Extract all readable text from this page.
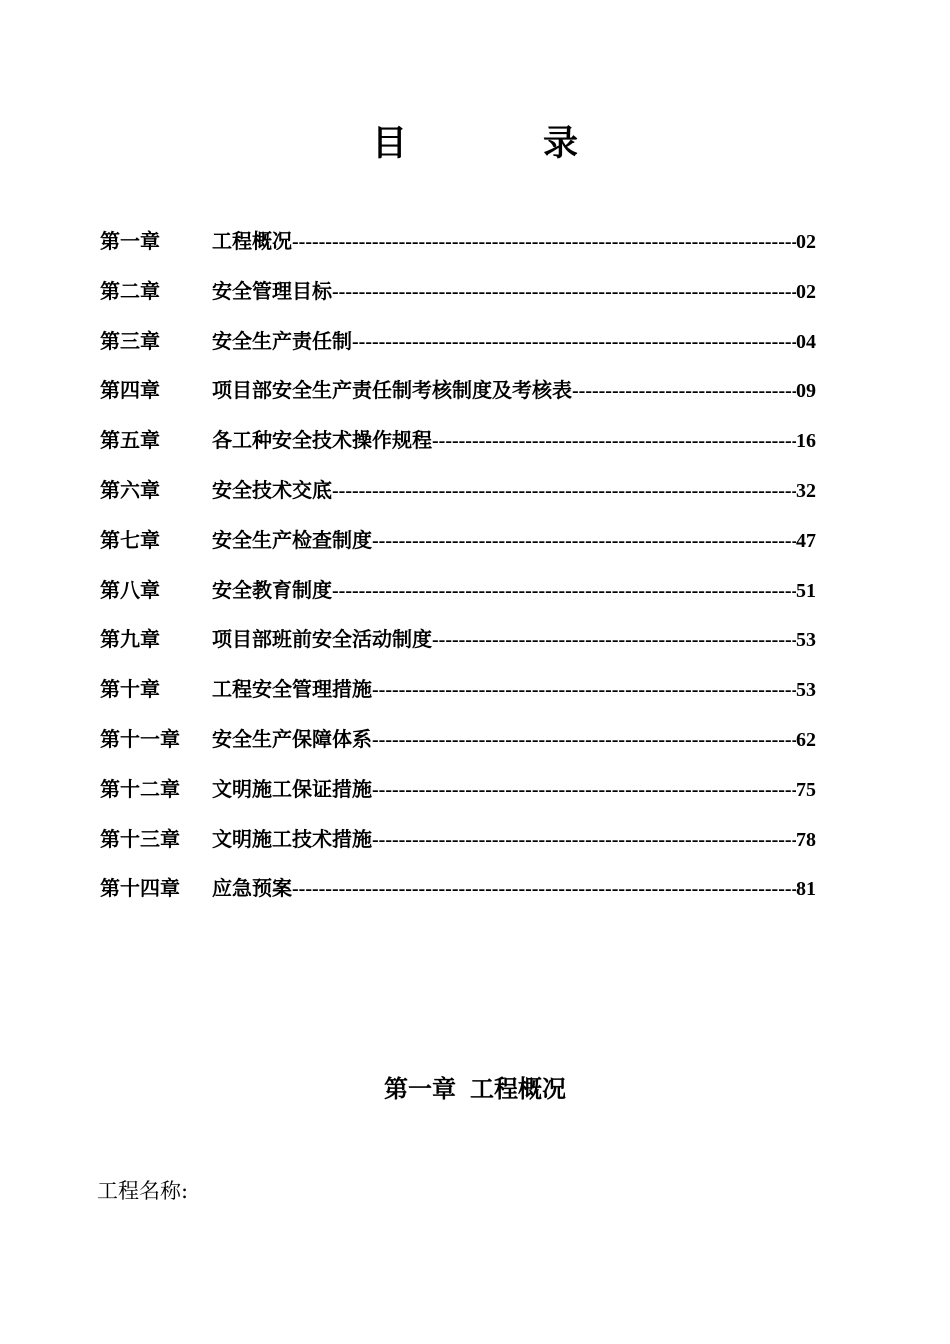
目	录
第一章	工程概况 -----	02
第二章	安全管理目标 -----	02
第三章	安全生产责任制 -----	04
第四章	项目部安全生产责任制考核制度及考核表 -----	09
第五章	各工种安全技术操作规程 -----	16
第六章	安全技术交底 -----	32
第七章	安全生产检查制度 -----	47
第八章	安全教育制度 -----	51
第九章	项目部班前安全活动制度 -----	53
第十章	工程安全管理措施 -----	53
第十一章	安全生产保障体系 -----	62
第十二章	文明施工保证措施 -----	75
第十三章	文明施工技术措施 -----	78
第十四章	应急预案 -----	81
第一章 工程概况
工程名称:
